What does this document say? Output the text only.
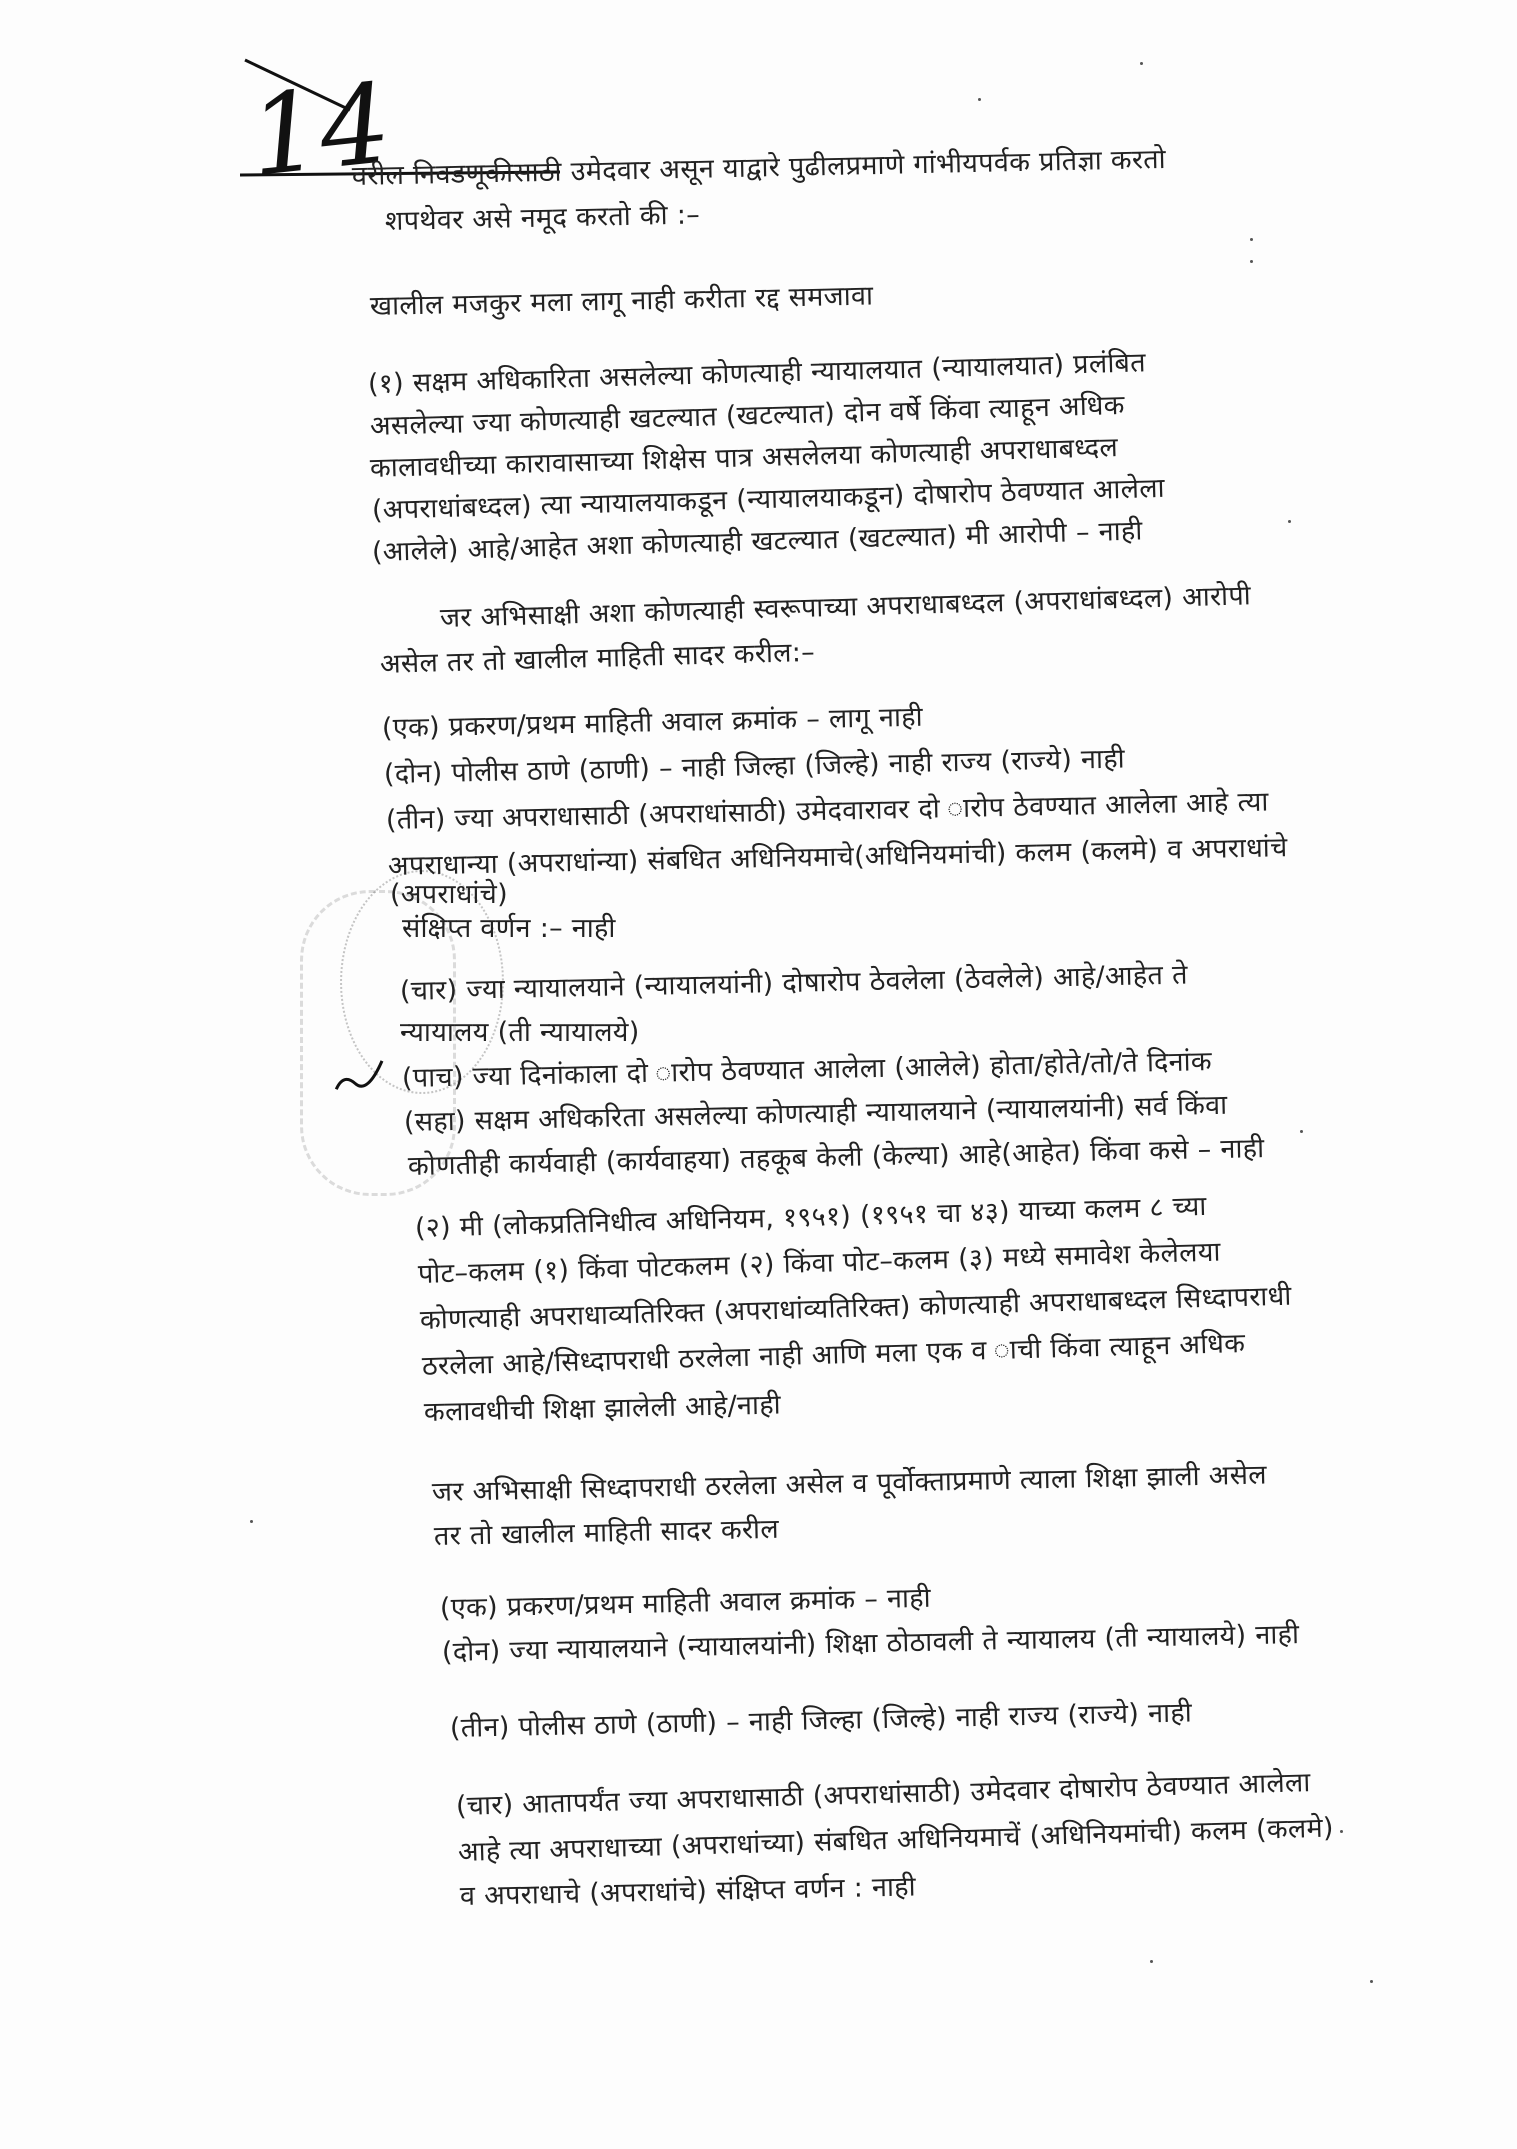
14
वरील निवडणूकीसाठी उमेदवार असून याद्वारे पुढीलप्रमाणे गांभीयपर्वक प्रतिज्ञा करतो
शपथेवर असे नमूद करतो की :–
खालील मजकुर मला लागू नाही करीता रद्द समजावा
(१) सक्षम अधिकारिता असलेल्या कोणत्याही न्यायालयात (न्यायालयात) प्रलंबित
असलेल्या ज्या कोणत्याही खटल्यात (खटल्यात) दोन वर्षे किंवा त्याहून अधिक
कालावधीच्या कारावासाच्या शिक्षेस पात्र असलेलया कोणत्याही अपराधाबध्दल
(अपराधांबध्दल) त्या न्यायालयाकडून (न्यायालयाकडून) दोषारोप ठेवण्यात आलेला
(आलेले) आहे/आहेत अशा कोणत्याही खटल्यात (खटल्यात) मी आरोपी – नाही
जर अभिसाक्षी अशा कोणत्याही स्वरूपाच्या अपराधाबध्दल (अपराधांबध्दल) आरोपी
असेल तर तो खालील माहिती सादर करील:–
(एक) प्रकरण/प्रथम माहिती अवाल क्रमांक – लागू नाही
(दोन) पोलीस ठाणे (ठाणी) – नाही जिल्हा (जिल्हे) नाही राज्य (राज्ये) नाही
(तीन) ज्या अपराधासाठी (अपराधांसाठी) उमेदवारावर दो ारोप ठेवण्यात आलेला आहे त्या
अपराधान्या (अपराधांन्या) संबधित अधिनियमाचे(अधिनियमांची) कलम (कलमे) व अपराधांचे
(अपराधांचे)
संक्षिप्त वर्णन :– नाही
(चार) ज्या न्यायालयाने (न्यायालयांनी) दोषारोप ठेवलेला (ठेवलेले) आहे/आहेत ते
न्यायालय (ती न्यायालये)
(पाच) ज्या दिनांकाला दो ारोप ठेवण्यात आलेला (आलेले) होता/होते/तो/ते दिनांक
(सहा) सक्षम अधिकरिता असलेल्या कोणत्याही न्यायालयाने (न्यायालयांनी) सर्व किंवा
कोणतीही कार्यवाही (कार्यवाहया) तहकूब केली (केल्या) आहे(आहेत) किंवा कसे – नाही
(२) मी (लोकप्रतिनिधीत्व अधिनियम, १९५१) (१९५१ चा ४३) याच्या कलम ८ च्या
पोट–कलम (१) किंवा पोटकलम (२) किंवा पोट–कलम (३) मध्ये समावेश केलेलया
कोणत्याही अपराधाव्यतिरिक्त (अपराधांव्यतिरिक्त) कोणत्याही अपराधाबध्दल सिध्दापराधी
ठरलेला आहे/सिध्दापराधी ठरलेला नाही आणि मला एक व ाची किंवा त्याहून अधिक
कलावधीची शिक्षा झालेली आहे/नाही
जर अभिसाक्षी सिध्दापराधी ठरलेला असेल व पूर्वोक्ताप्रमाणे त्याला शिक्षा झाली असेल
तर तो खालील माहिती सादर करील
(एक) प्रकरण/प्रथम माहिती अवाल क्रमांक – नाही
(दोन) ज्या न्यायालयाने (न्यायालयांनी) शिक्षा ठोठावली ते न्यायालय (ती न्यायालये) नाही
(तीन) पोलीस ठाणे (ठाणी) – नाही जिल्हा (जिल्हे) नाही राज्य (राज्ये) नाही
(चार) आतापर्यंत ज्या अपराधासाठी (अपराधांसाठी) उमेदवार दोषारोप ठेवण्यात आलेला
आहे त्या अपराधाच्या (अपराधांच्या) संबधित अधिनियमाचें (अधिनियमांची) कलम (कलमे)
व अपराधाचे (अपराधांचे) संक्षिप्त वर्णन : नाही
